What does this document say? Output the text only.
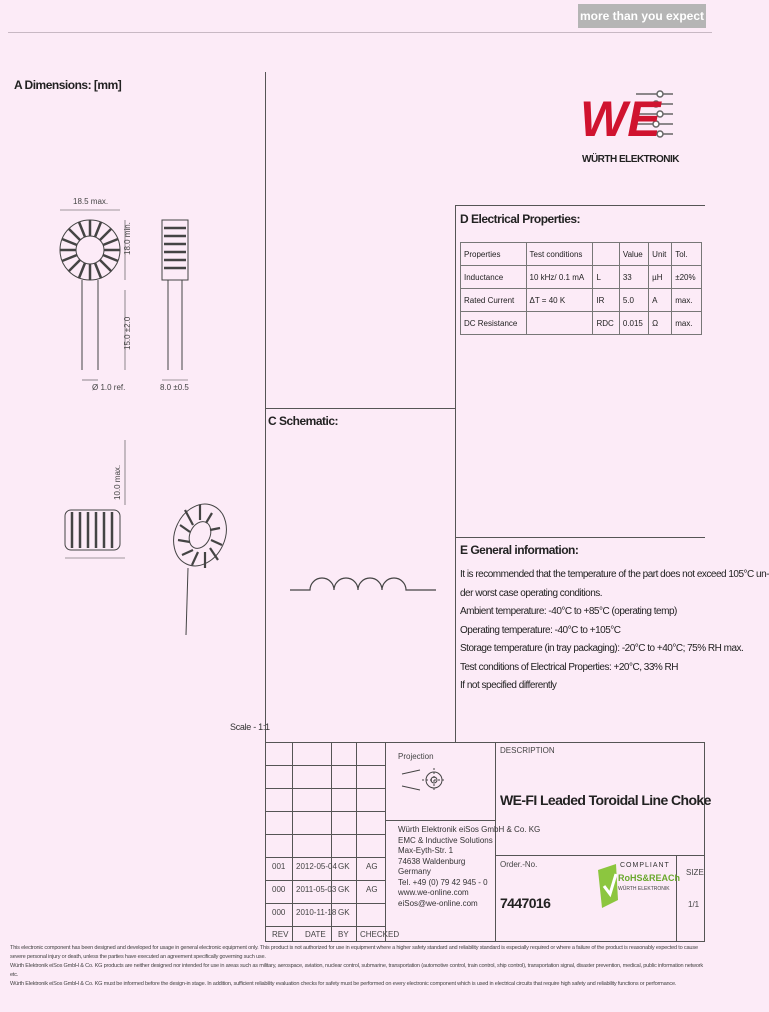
more than you expect
WE
WÜRTH ELEKTRONIK
A Dimensions: [mm]
18.5 max.
18.0 min.
15.0 ±2.0
Ø 1.0 ref.	8.0 ±0.5
10.0 max.
Scale - 1:1
C Schematic:
D Electrical Properties:
Properties	Test conditions		Value	Unit	Tol.
Inductance	10 kHz/ 0.1 mA	L	33	µH	±20%
Rated Current	ΔT = 40 K	IR	5.0	A	max.
DC Resistance		RDC	0.015	Ω	max.
E General information:

It is recommended that the temperature of the part does not exceed 105°C un-

der worst case operating conditions.

Ambient temperature: -40°C to +85°C (operating temp)

Operating temperature: -40°C to +105°C

Storage temperature (in tray packaging): -20°C to +40°C; 75% RH max.

Test conditions of Electrical Properties: +20°C, 33% RH

If not specified differently

001 2012-05-04 GK AG
000 2011-05-03 GK AG
000 2010-11-18 GK
REV DATE BY CHECKED
Projection
Würth Elektronik eiSos GmbH & Co. KG
EMC & Inductive Solutions
Max-Eyth-Str. 1
74638 Waldenburg
Germany
Tel. +49 (0) 79 42 945 - 0
www.we-online.com
eiSos@we-online.com
DESCRIPTION
WE-FI Leaded Toroidal Line Choke
Order.-No.
7447016
SIZE
1/1
COMPLIANT
RoHS&REACh
WÜRTH ELEKTRONIK
This electronic component has been designed and developed for usage in general electronic equipment only. This product is not authorized for use in equipment where a higher safety standard and reliability standard is especially required or where a failure of the product is reasonably expected to cause severe personal injury or death, unless the parties have executed an agreement specifically governing such use.
Würth Elektronik eiSos GmbH & Co. KG products are neither designed nor intended for use in areas such as military, aerospace, aviation, nuclear control, submarine, transportation (automotive control, train control, ship control), transportation signal, disaster prevention, medical, public information network etc.
Würth Elektronik eiSos GmbH & Co. KG must be informed before the design-in stage. In addition, sufficient reliability evaluation checks for safety must be performed on every electronic component which is used in electrical circuits that require high safety and reliability functions or performance.
